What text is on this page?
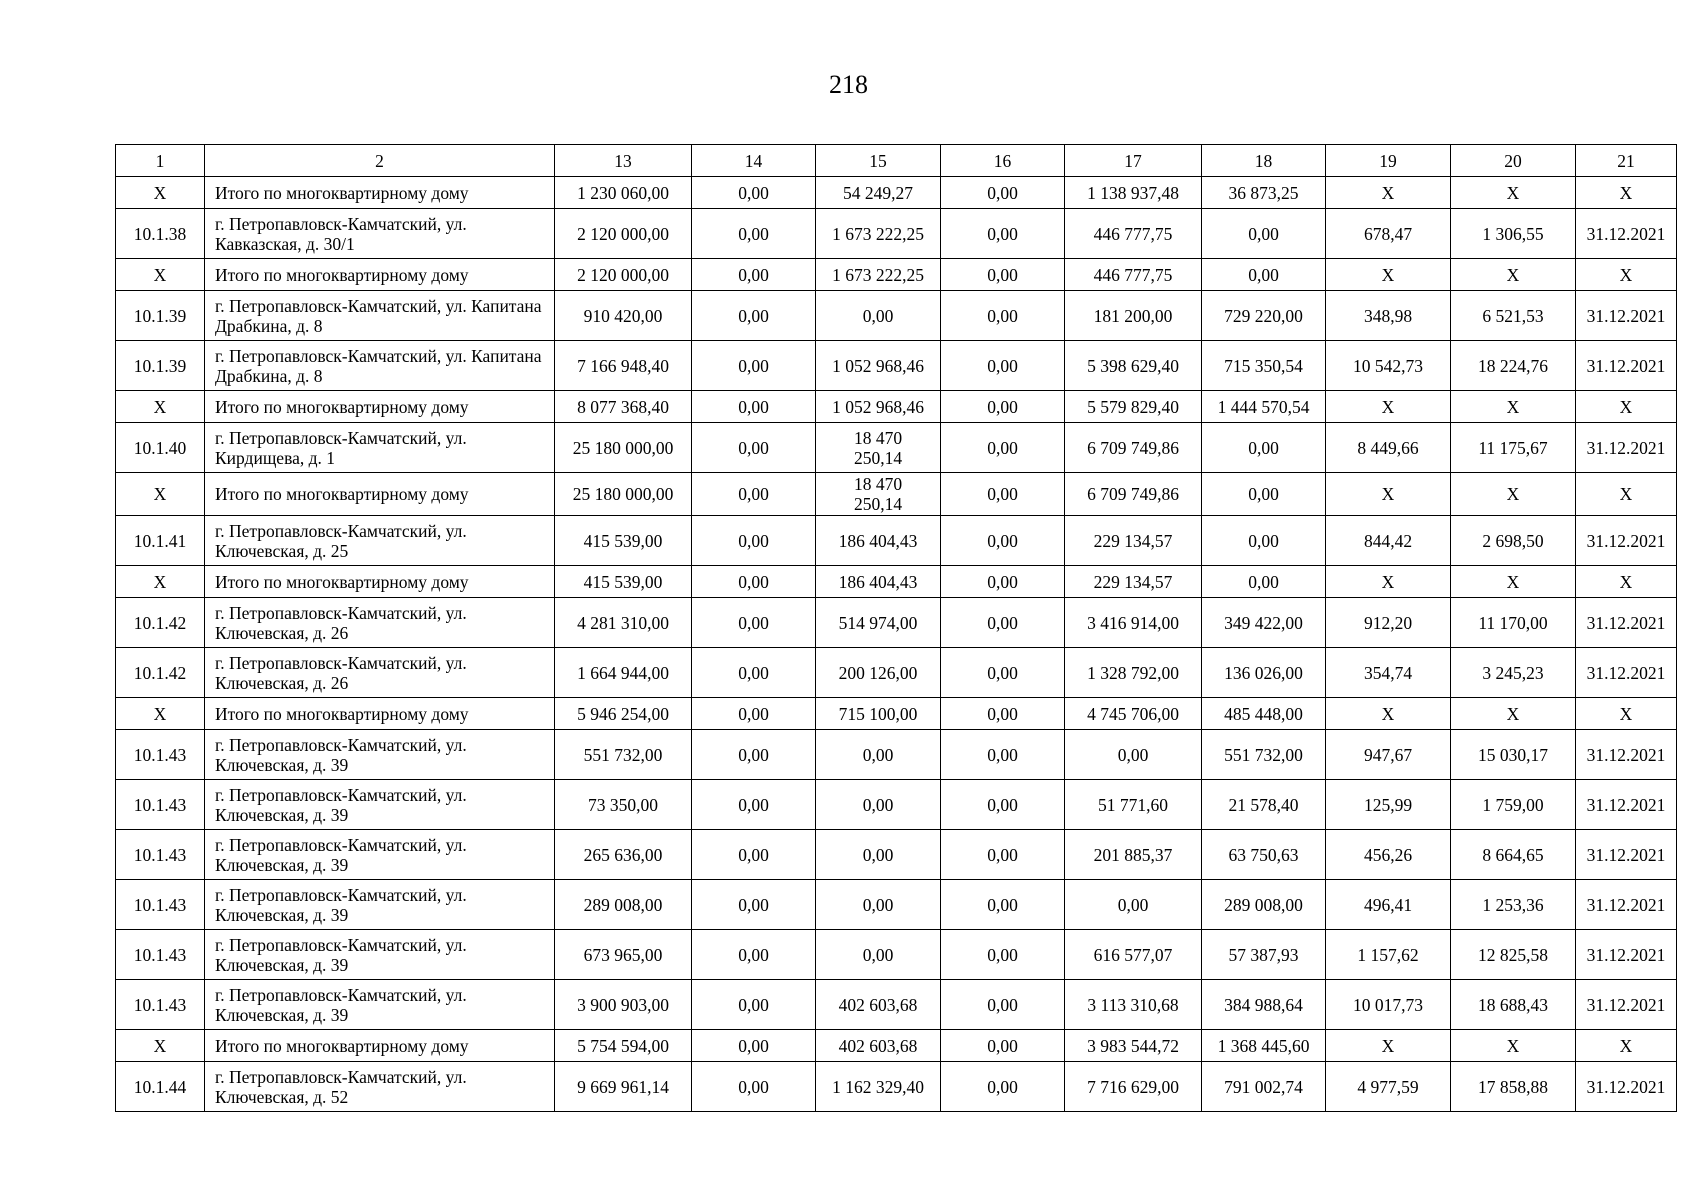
218
1	2	13	14	15	16	17	18	19	20	21
X	Итого по многоквартирному дому	1 230 060,00	0,00	54 249,27	0,00	1 138 937,48	36 873,25	X	X	X
10.1.38	г. Петропавловск-Камчатский, ул. Кавказская, д. 30/1	2 120 000,00	0,00	1 673 222,25	0,00	446 777,75	0,00	678,47	1 306,55	31.12.2021
X	Итого по многоквартирному дому	2 120 000,00	0,00	1 673 222,25	0,00	446 777,75	0,00	X	X	X
10.1.39	г. Петропавловск-Камчатский, ул. Капитана Драбкина, д. 8	910 420,00	0,00	0,00	0,00	181 200,00	729 220,00	348,98	6 521,53	31.12.2021
10.1.39	г. Петропавловск-Камчатский, ул. Капитана Драбкина, д. 8	7 166 948,40	0,00	1 052 968,46	0,00	5 398 629,40	715 350,54	10 542,73	18 224,76	31.12.2021
X	Итого по многоквартирному дому	8 077 368,40	0,00	1 052 968,46	0,00	5 579 829,40	1 444 570,54	X	X	X
10.1.40	г. Петропавловск-Камчатский, ул. Кирдищева, д. 1	25 180 000,00	0,00	18 470
250,14	0,00	6 709 749,86	0,00	8 449,66	11 175,67	31.12.2021
X	Итого по многоквартирному дому	25 180 000,00	0,00	18 470
250,14	0,00	6 709 749,86	0,00	X	X	X
10.1.41	г. Петропавловск-Камчатский, ул. Ключевская, д. 25	415 539,00	0,00	186 404,43	0,00	229 134,57	0,00	844,42	2 698,50	31.12.2021
X	Итого по многоквартирному дому	415 539,00	0,00	186 404,43	0,00	229 134,57	0,00	X	X	X
10.1.42	г. Петропавловск-Камчатский, ул. Ключевская, д. 26	4 281 310,00	0,00	514 974,00	0,00	3 416 914,00	349 422,00	912,20	11 170,00	31.12.2021
10.1.42	г. Петропавловск-Камчатский, ул. Ключевская, д. 26	1 664 944,00	0,00	200 126,00	0,00	1 328 792,00	136 026,00	354,74	3 245,23	31.12.2021
X	Итого по многоквартирному дому	5 946 254,00	0,00	715 100,00	0,00	4 745 706,00	485 448,00	X	X	X
10.1.43	г. Петропавловск-Камчатский, ул. Ключевская, д. 39	551 732,00	0,00	0,00	0,00	0,00	551 732,00	947,67	15 030,17	31.12.2021
10.1.43	г. Петропавловск-Камчатский, ул. Ключевская, д. 39	73 350,00	0,00	0,00	0,00	51 771,60	21 578,40	125,99	1 759,00	31.12.2021
10.1.43	г. Петропавловск-Камчатский, ул. Ключевская, д. 39	265 636,00	0,00	0,00	0,00	201 885,37	63 750,63	456,26	8 664,65	31.12.2021
10.1.43	г. Петропавловск-Камчатский, ул. Ключевская, д. 39	289 008,00	0,00	0,00	0,00	0,00	289 008,00	496,41	1 253,36	31.12.2021
10.1.43	г. Петропавловск-Камчатский, ул. Ключевская, д. 39	673 965,00	0,00	0,00	0,00	616 577,07	57 387,93	1 157,62	12 825,58	31.12.2021
10.1.43	г. Петропавловск-Камчатский, ул. Ключевская, д. 39	3 900 903,00	0,00	402 603,68	0,00	3 113 310,68	384 988,64	10 017,73	18 688,43	31.12.2021
X	Итого по многоквартирному дому	5 754 594,00	0,00	402 603,68	0,00	3 983 544,72	1 368 445,60	X	X	X
10.1.44	г. Петропавловск-Камчатский, ул. Ключевская, д. 52	9 669 961,14	0,00	1 162 329,40	0,00	7 716 629,00	791 002,74	4 977,59	17 858,88	31.12.2021
